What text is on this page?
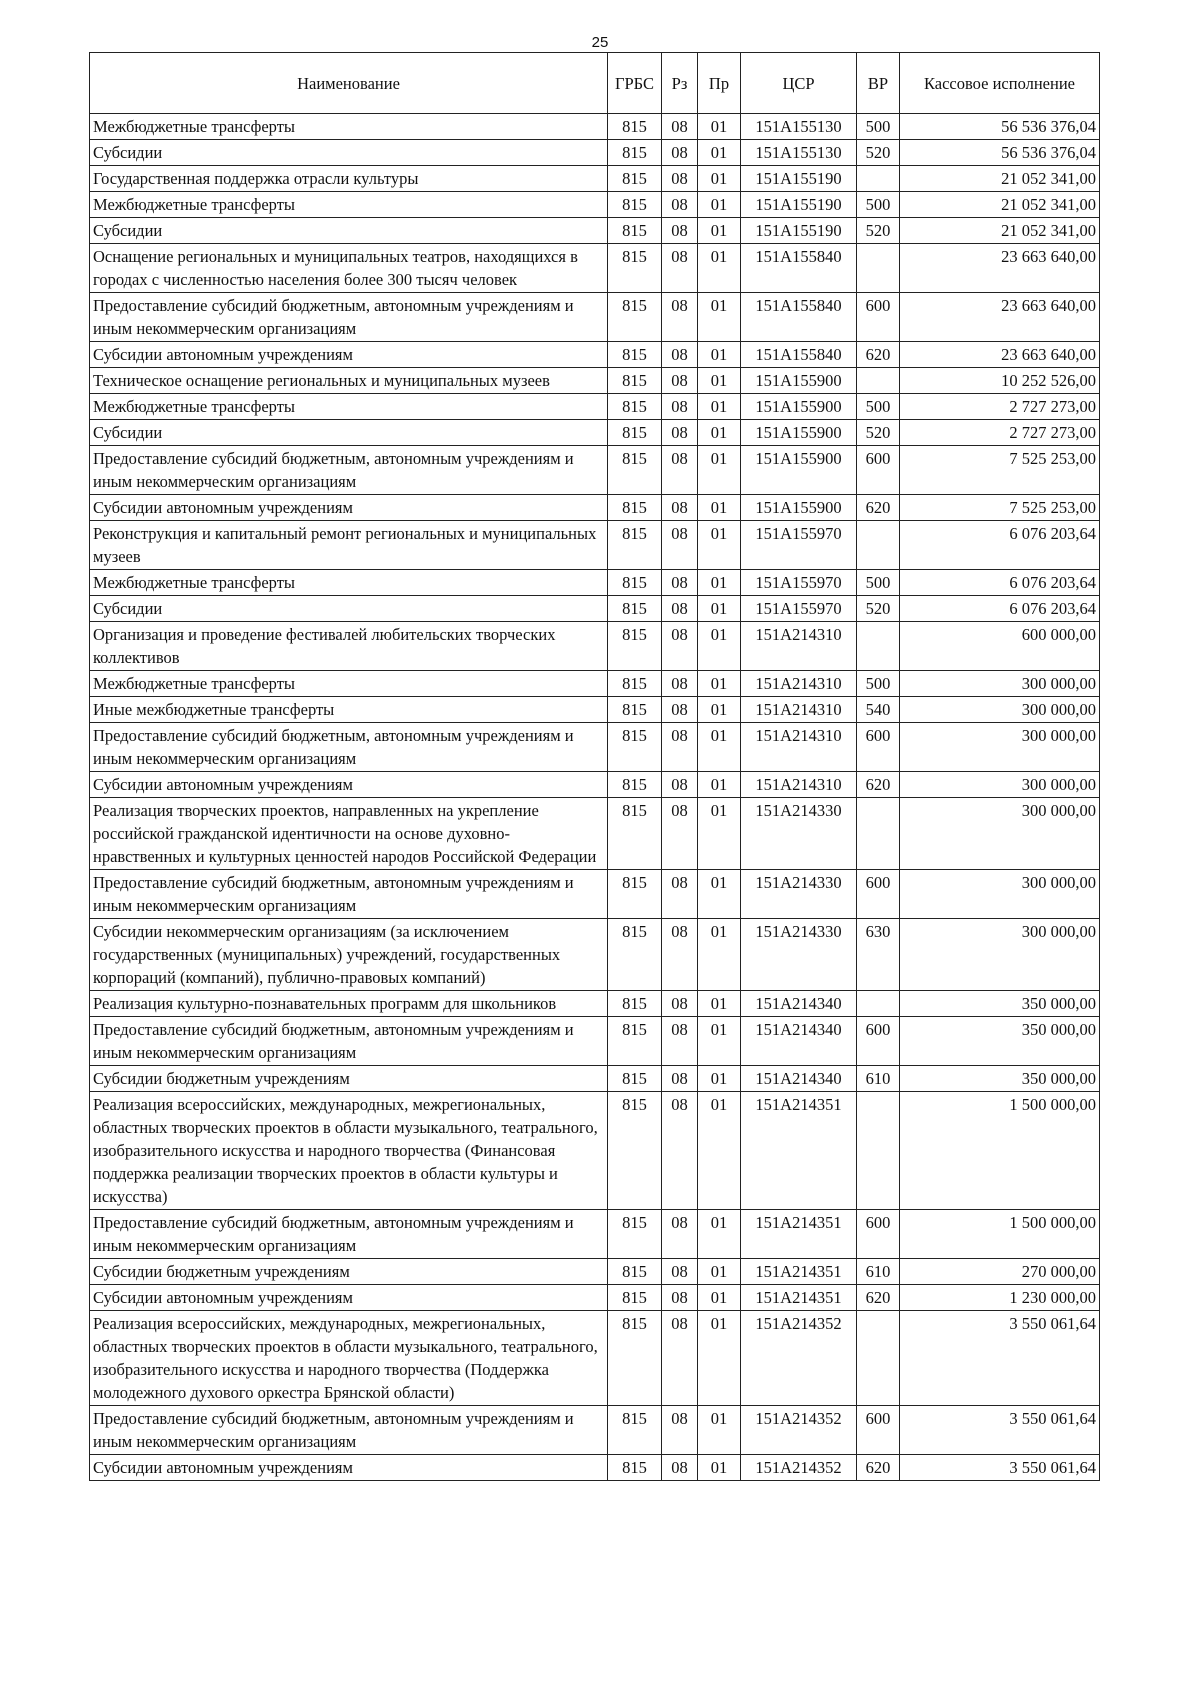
25
Наименование	ГРБС	Рз	Пр	ЦСР	ВР	Кассовое исполнение
Межбюджетные трансферты	815	08	01	151A155130	500	56 536 376,04
Субсидии	815	08	01	151A155130	520	56 536 376,04
Государственная поддержка отрасли культуры	815	08	01	151A155190		21 052 341,00
Межбюджетные трансферты	815	08	01	151A155190	500	21 052 341,00
Субсидии	815	08	01	151A155190	520	21 052 341,00
Оснащение региональных и муниципальных театров, находящихся в городах с численностью населения более 300 тысяч человек	815	08	01	151A155840		23 663 640,00
Предоставление субсидий бюджетным, автономным учреждениям и иным некоммерческим организациям	815	08	01	151A155840	600	23 663 640,00
Субсидии автономным учреждениям	815	08	01	151A155840	620	23 663 640,00
Техническое оснащение региональных и муниципальных музеев	815	08	01	151A155900		10 252 526,00
Межбюджетные трансферты	815	08	01	151A155900	500	2 727 273,00
Субсидии	815	08	01	151A155900	520	2 727 273,00
Предоставление субсидий бюджетным, автономным учреждениям и иным некоммерческим организациям	815	08	01	151A155900	600	7 525 253,00
Субсидии автономным учреждениям	815	08	01	151A155900	620	7 525 253,00
Реконструкция и капитальный ремонт региональных и муниципальных музеев	815	08	01	151A155970		6 076 203,64
Межбюджетные трансферты	815	08	01	151A155970	500	6 076 203,64
Субсидии	815	08	01	151A155970	520	6 076 203,64
Организация и проведение фестивалей любительских творческих коллективов	815	08	01	151A214310		600 000,00
Межбюджетные трансферты	815	08	01	151A214310	500	300 000,00
Иные межбюджетные трансферты	815	08	01	151A214310	540	300 000,00
Предоставление субсидий бюджетным, автономным учреждениям и иным некоммерческим организациям	815	08	01	151A214310	600	300 000,00
Субсидии автономным учреждениям	815	08	01	151A214310	620	300 000,00
Реализация творческих проектов, направленных на укрепление российской гражданской идентичности на основе духовно-нравственных и культурных ценностей народов Российской Федерации	815	08	01	151A214330		300 000,00
Предоставление субсидий бюджетным, автономным учреждениям и иным некоммерческим организациям	815	08	01	151A214330	600	300 000,00
Субсидии некоммерческим организациям (за исключением государственных (муниципальных) учреждений, государственных корпораций (компаний), публично-правовых компаний)	815	08	01	151A214330	630	300 000,00
Реализация культурно-познавательных программ для школьников	815	08	01	151A214340		350 000,00
Предоставление субсидий бюджетным, автономным учреждениям и иным некоммерческим организациям	815	08	01	151A214340	600	350 000,00
Субсидии бюджетным учреждениям	815	08	01	151A214340	610	350 000,00
Реализация всероссийских, международных, межрегиональных, областных творческих проектов в области музыкального, театрального, изобразительного искусства и народного творчества (Финансовая поддержка реализации творческих проектов в области культуры и искусства)	815	08	01	151A214351		1 500 000,00
Предоставление субсидий бюджетным, автономным учреждениям и иным некоммерческим организациям	815	08	01	151A214351	600	1 500 000,00
Субсидии бюджетным учреждениям	815	08	01	151A214351	610	270 000,00
Субсидии автономным учреждениям	815	08	01	151A214351	620	1 230 000,00
Реализация всероссийских, международных, межрегиональных, областных творческих проектов в области музыкального, театрального, изобразительного искусства и народного творчества (Поддержка молодежного духового оркестра Брянской области)	815	08	01	151A214352		3 550 061,64
Предоставление субсидий бюджетным, автономным учреждениям и иным некоммерческим организациям	815	08	01	151A214352	600	3 550 061,64
Субсидии автономным учреждениям	815	08	01	151A214352	620	3 550 061,64
